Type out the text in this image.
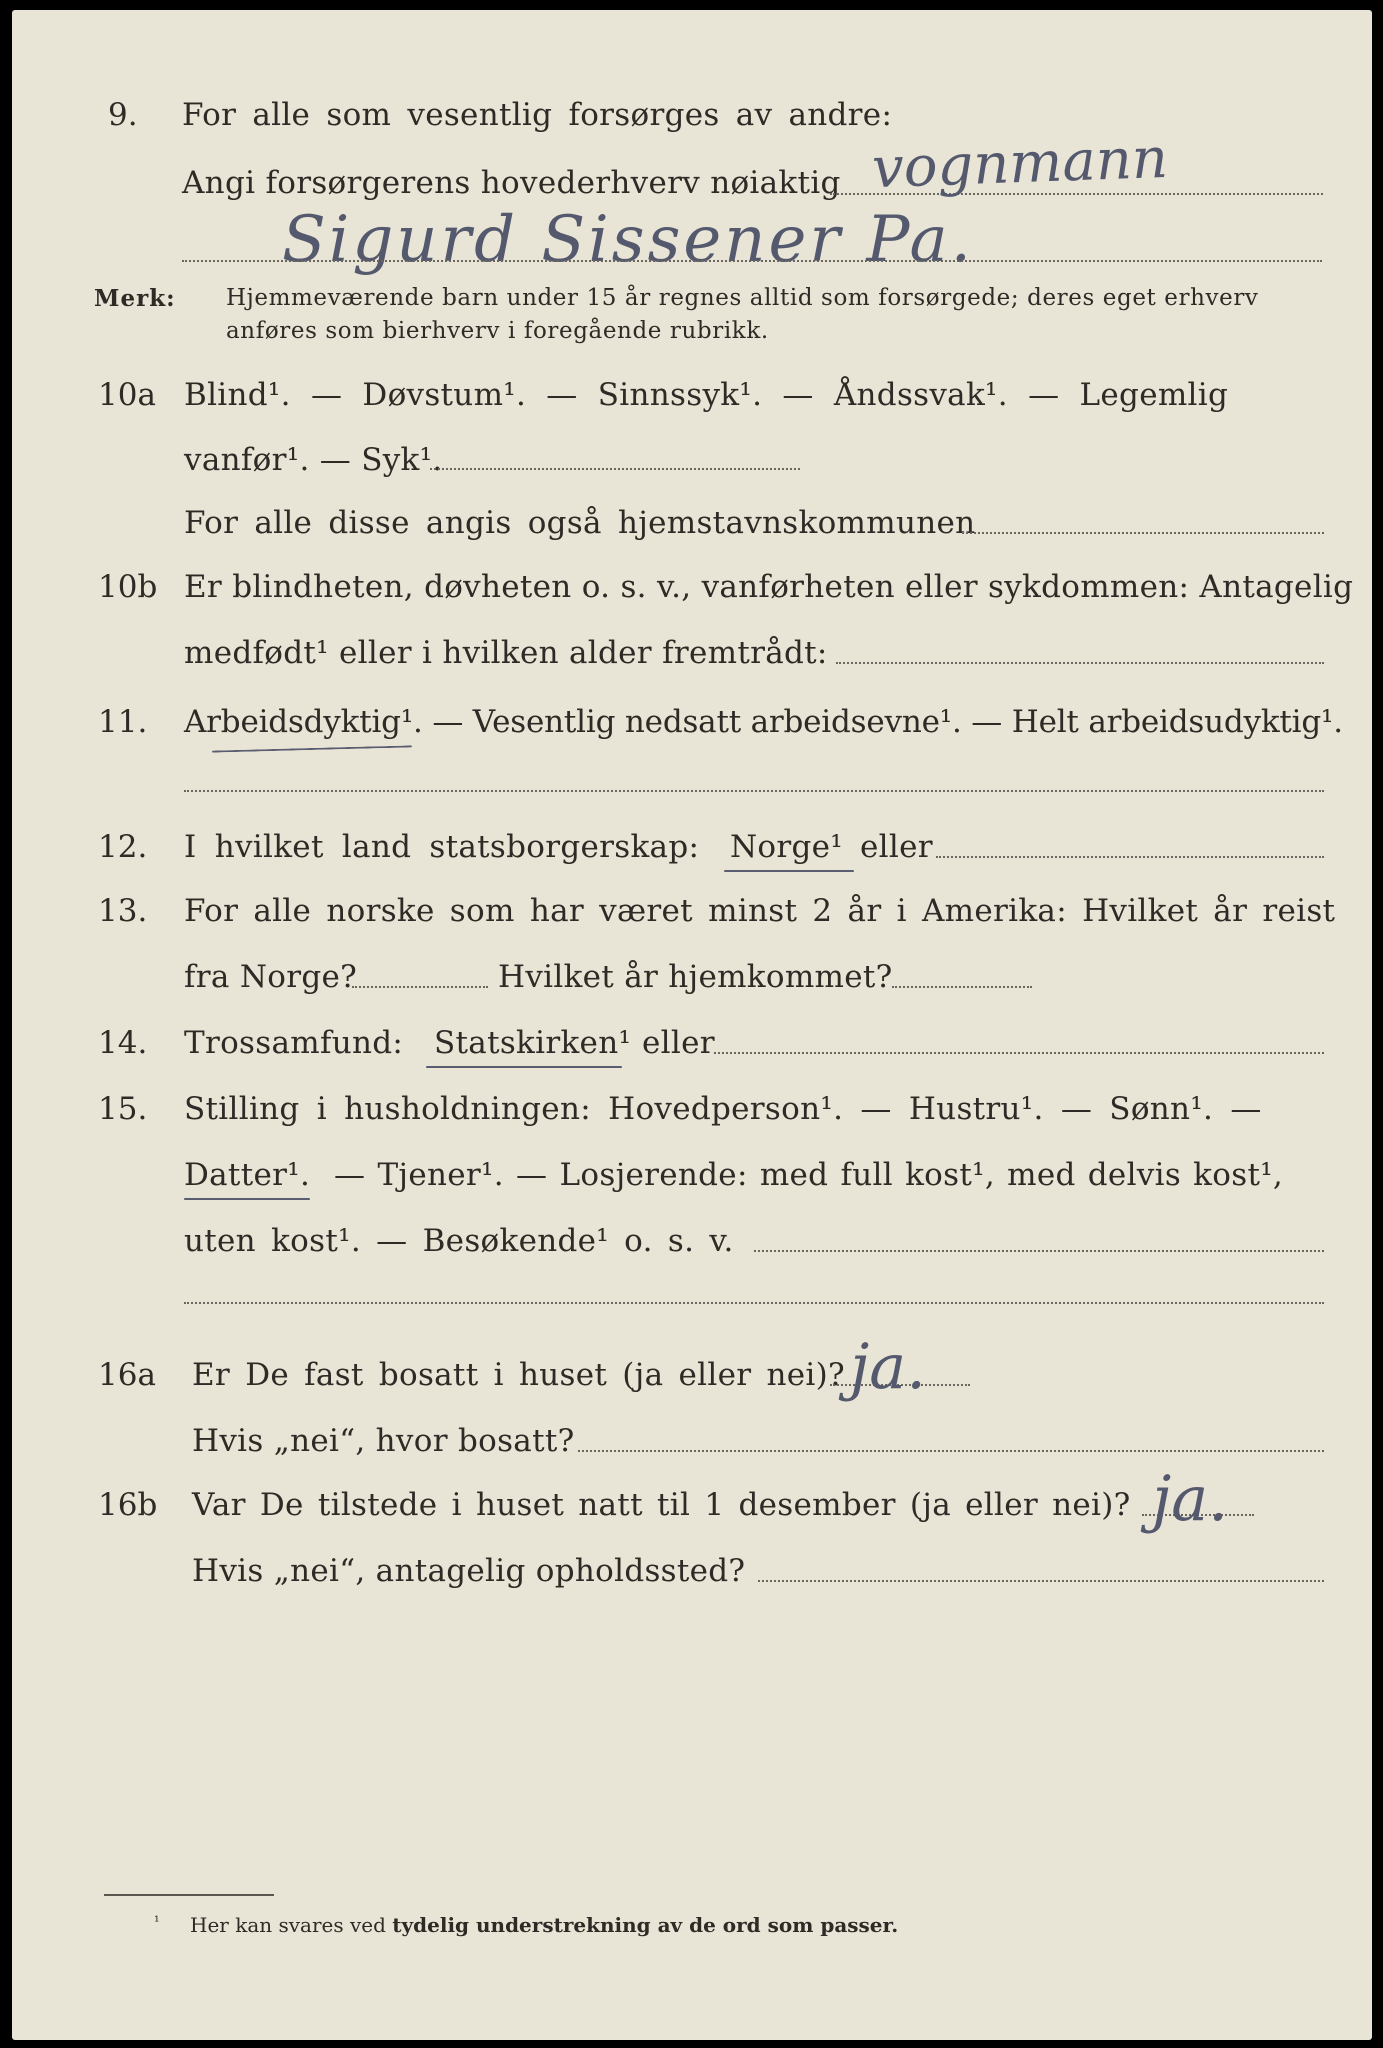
9. For alle som vesentlig forsørges av andre:
Angi forsørgerens hovederhverv nøiaktig vognmann
Sigurd Sissener Pa.
Merk: Hjemmeværende barn under 15 år regnes alltid som forsørgede; deres eget erhverv
anføres som bierhverv i foregående rubrikk.
10a Blind¹. — Døvstum¹. — Sinnssyk¹. — Åndssvak¹. — Legemlig
vanfør¹. — Syk¹.
For alle disse angis også hjemstavnskommunen
10b Er blindheten, døvheten o. s. v., vanførheten eller sykdommen: Antagelig
medfødt¹ eller i hvilken alder fremtrådt:
11. Arbeidsdyktig¹. — Vesentlig nedsatt arbeidsevne¹. — Helt arbeidsudyktig¹.
12. I hvilket land statsborgerskap: Norge¹ eller
13. For alle norske som har været minst 2 år i Amerika: Hvilket år reist
fra Norge?	Hvilket år hjemkommet?
14. Trossamfund: Statskirken¹ eller
15. Stilling i husholdningen: Hovedperson¹. — Hustru¹. — Sønn¹. —
Datter¹. — Tjener¹. — Losjerende: med full kost¹, med delvis kost¹,
uten kost¹. — Besøkende¹ o. s. v.
16a Er De fast bosatt i huset (ja eller nei)? ja.
Hvis „nei“, hvor bosatt?
16b Var De tilstede i huset natt til 1 desember (ja eller nei)? ja.
Hvis „nei“, antagelig opholdssted?
¹ Her kan svares ved tydelig understrekning av de ord som passer.
